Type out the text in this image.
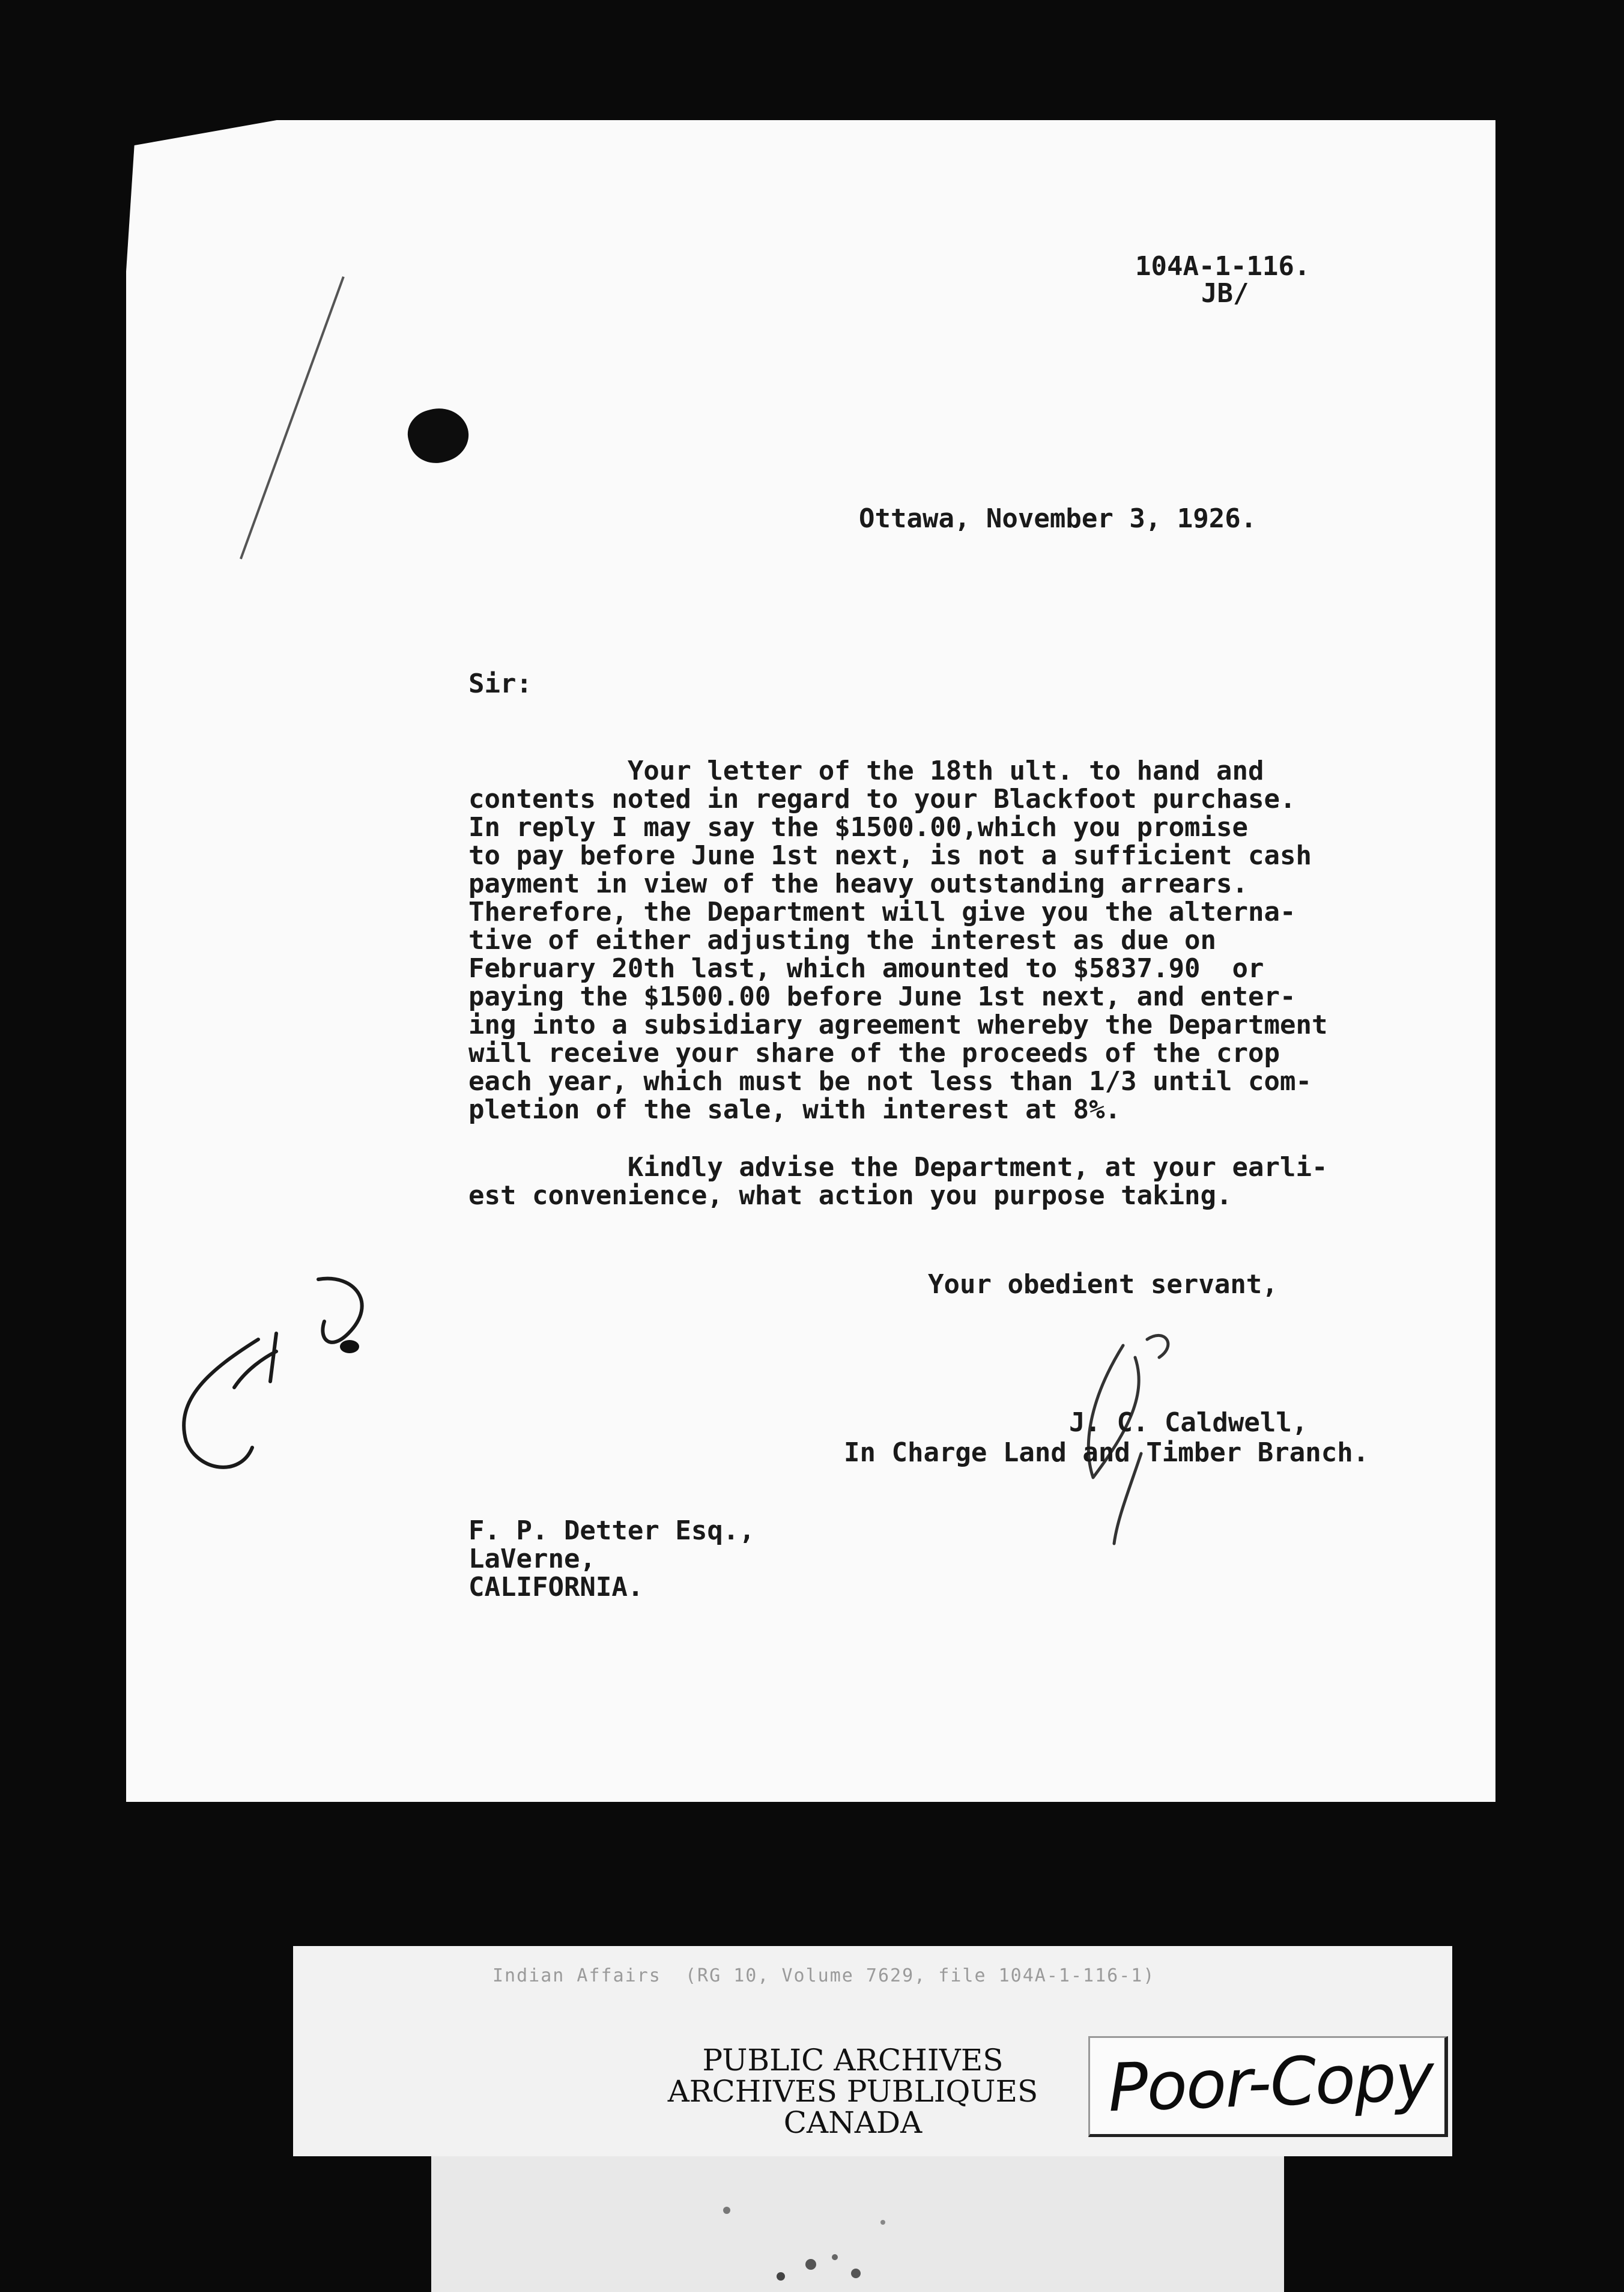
104A-1-116.
JB/
Ottawa, November 3, 1926.
Sir:
Your letter of the 18th ult. to hand and
contents noted in regard to your Blackfoot purchase.
In reply I may say the $1500.00,which you promise
to pay before June 1st next, is not a sufficient cash
payment in view of the heavy outstanding arrears.
Therefore, the Department will give you the alterna-
tive of either adjusting the interest as due on
February 20th last, which amounted to $5837.90  or
paying the $1500.00 before June 1st next, and enter-
ing into a subsidiary agreement whereby the Department
will receive your share of the proceeds of the crop
each year, which must be not less than 1/3 until com-
pletion of the sale, with interest at 8%.
Kindly advise the Department, at your earli-
est convenience, what action you purpose taking.
Your obedient servant,
J. C. Caldwell,
In Charge Land and Timber Branch.
F. P. Detter Esq.,
LaVerne,
CALIFORNIA.
Indian Affairs  (RG 10, Volume 7629, file 104A-1-116-1)
PUBLIC ARCHIVES
ARCHIVES PUBLIQUES
CANADA	Poor-Copy
